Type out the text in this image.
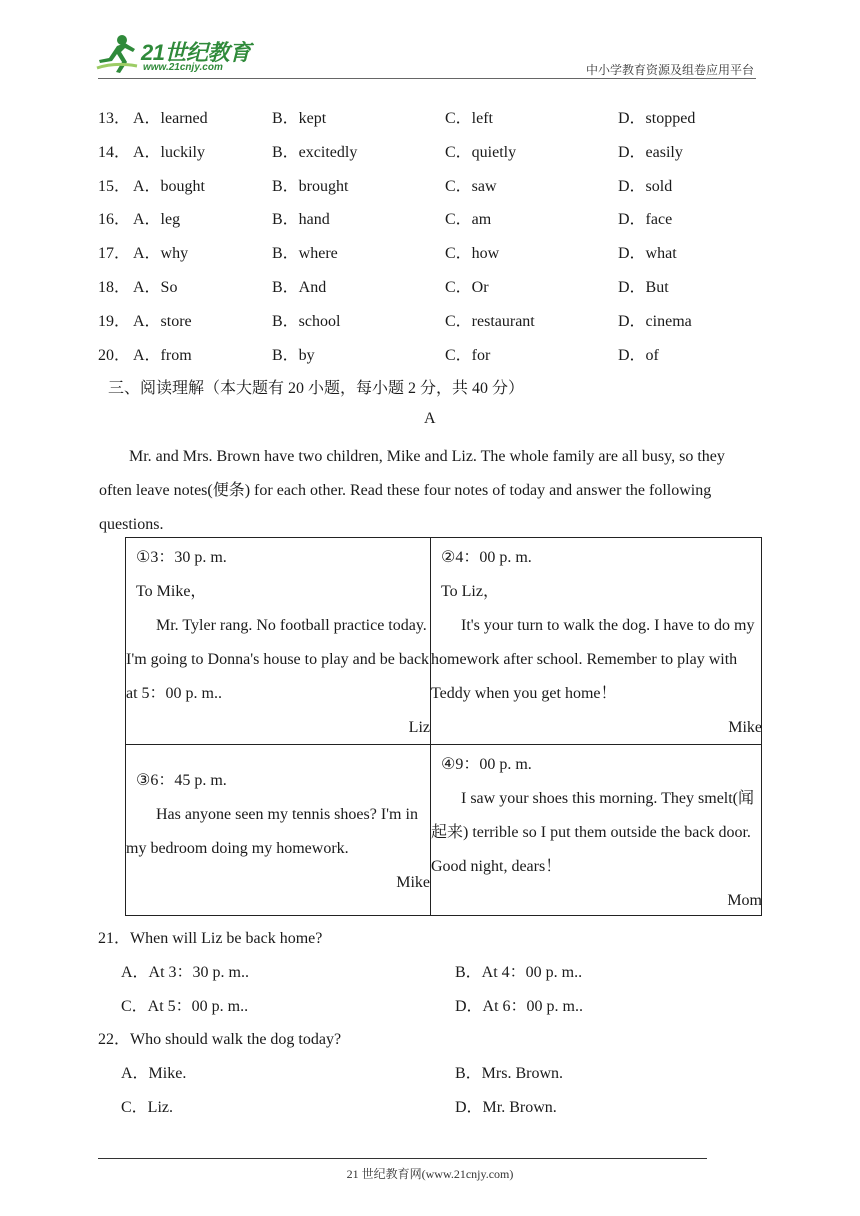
21世纪教育
www.21cnjy.com	中小学教育资源及组卷应用平台
13． A．learned	B．kept	C．left	D．stopped
14． A．luckily	B．excitedly	C．quietly	D．easily
15． A．bought	B．brought	C．saw	D．sold
16． A．leg	B．hand	C．am	D．face
17． A．why	B．where	C．how	D．what
18． A．So	B．And	C．Or	D．But
19． A．store	B．school	C．restaurant	D．cinema
20． A．from	B．by	C．for	D．of
三、阅读理解（本大题有 20 小题，每小题 2 分，共 40 分）
A
Mr. and Mrs. Brown have two children, Mike and Liz. The whole family are all busy, so they often leave notes(便条) for each other. Read these four notes of today and answer the following questions.

①3：30 p. m.

To Mike，

Mr. Tyler rang. No football practice today. I'm going to Donna's house to play and be back at 5：00 p. m..

Liz

②4：00 p. m.

To Liz，

It's your turn to walk the dog. I have to do my homework after school. Remember to play with Teddy when you get home！

Mike

③6：45 p. m.

Has anyone seen my tennis shoes? I'm in my bedroom doing my homework.

Mike

④9：00 p. m.

I saw your shoes this morning. They smelt(闻起来) terrible so I put them outside the back door. Good night, dears！

Mom

21．When will Liz be back home?
A．At 3：30 p. m..	B．At 4：00 p. m..
C．At 5：00 p. m..	D．At 6：00 p. m..
22．Who should walk the dog today?
A．Mike.	B．Mrs. Brown.
C．Liz.	D．Mr. Brown.
21 世纪教育网(www.21cnjy.com)
